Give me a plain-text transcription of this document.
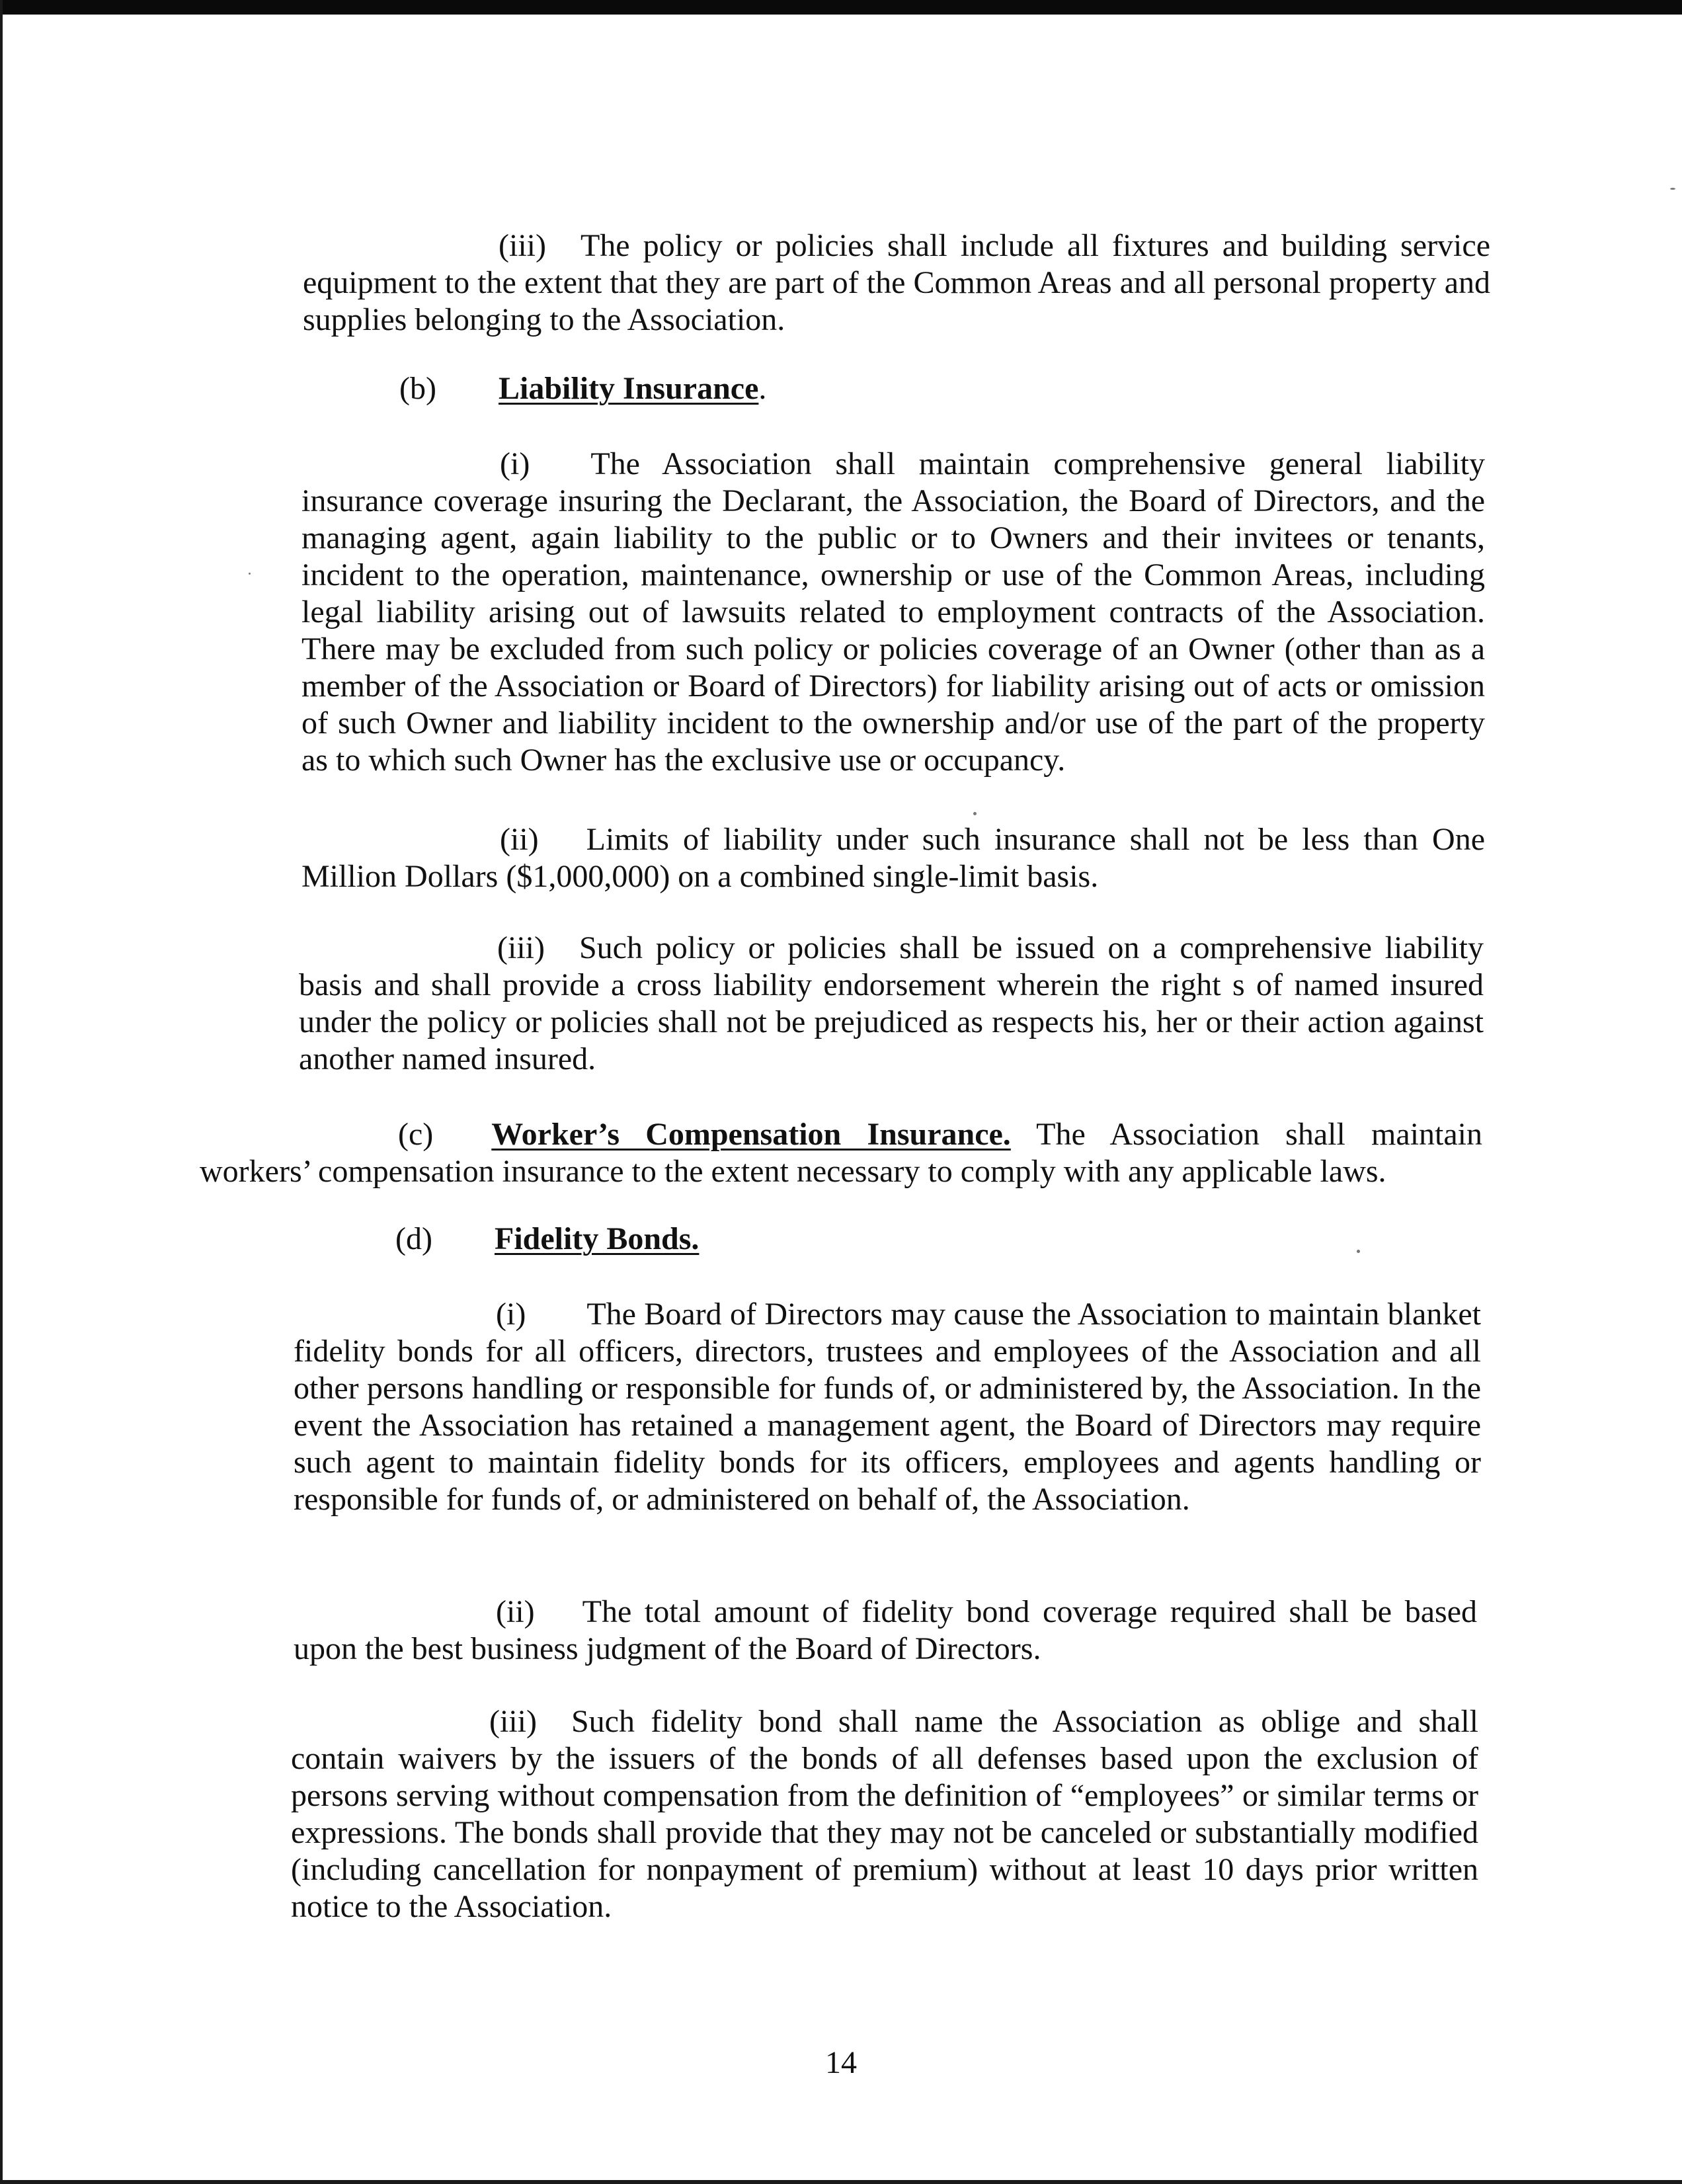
(iii) The policy or policies shall include all fixtures and building service equipment to the extent that they are part of the Common Areas and all personal property and supplies belonging to the Association.

(b) Liability Insurance.

(i) The Association shall maintain comprehensive general liability insurance coverage insuring the Declarant, the Association, the Board of Directors, and the managing agent, again liability to the public or to Owners and their invitees or tenants, incident to the operation, maintenance, ownership or use of the Common Areas, including legal liability arising out of lawsuits related to employment contracts of the Association. There may be excluded from such policy or policies coverage of an Owner (other than as a member of the Association or Board of Directors) for liability arising out of acts or omission of such Owner and liability incident to the ownership and/or use of the part of the property as to which such Owner has the exclusive use or occupancy.

(ii) Limits of liability under such insurance shall not be less than One Million Dollars ($1,000,000) on a combined single-limit basis.

(iii) Such policy or policies shall be issued on a comprehensive liability basis and shall provide a cross liability endorsement wherein the right s of named insured under the policy or policies shall not be prejudiced as respects his, her or their action against another named insured.

(c) Worker’s Compensation Insurance. The Association shall maintain workers’ compensation insurance to the extent necessary to comply with any applicable laws.

(d) Fidelity Bonds.

(i) The Board of Directors may cause the Association to maintain blanket fidelity bonds for all officers, directors, trustees and employees of the Association and all other persons handling or responsible for funds of, or administered by, the Association. In the event the Association has retained a management agent, the Board of Directors may require such agent to maintain fidelity bonds for its officers, employees and agents handling or responsible for funds of, or administered on behalf of, the Association.

(ii) The total amount of fidelity bond coverage required shall be based upon the best business judgment of the Board of Directors.

(iii) Such fidelity bond shall name the Association as oblige and shall contain waivers by the issuers of the bonds of all defenses based upon the exclusion of persons serving without compensation from the definition of “employees” or similar terms or expressions. The bonds shall provide that they may not be canceled or substantially modified (including cancellation for nonpayment of premium) without at least 10 days prior written notice to the Association.

14
